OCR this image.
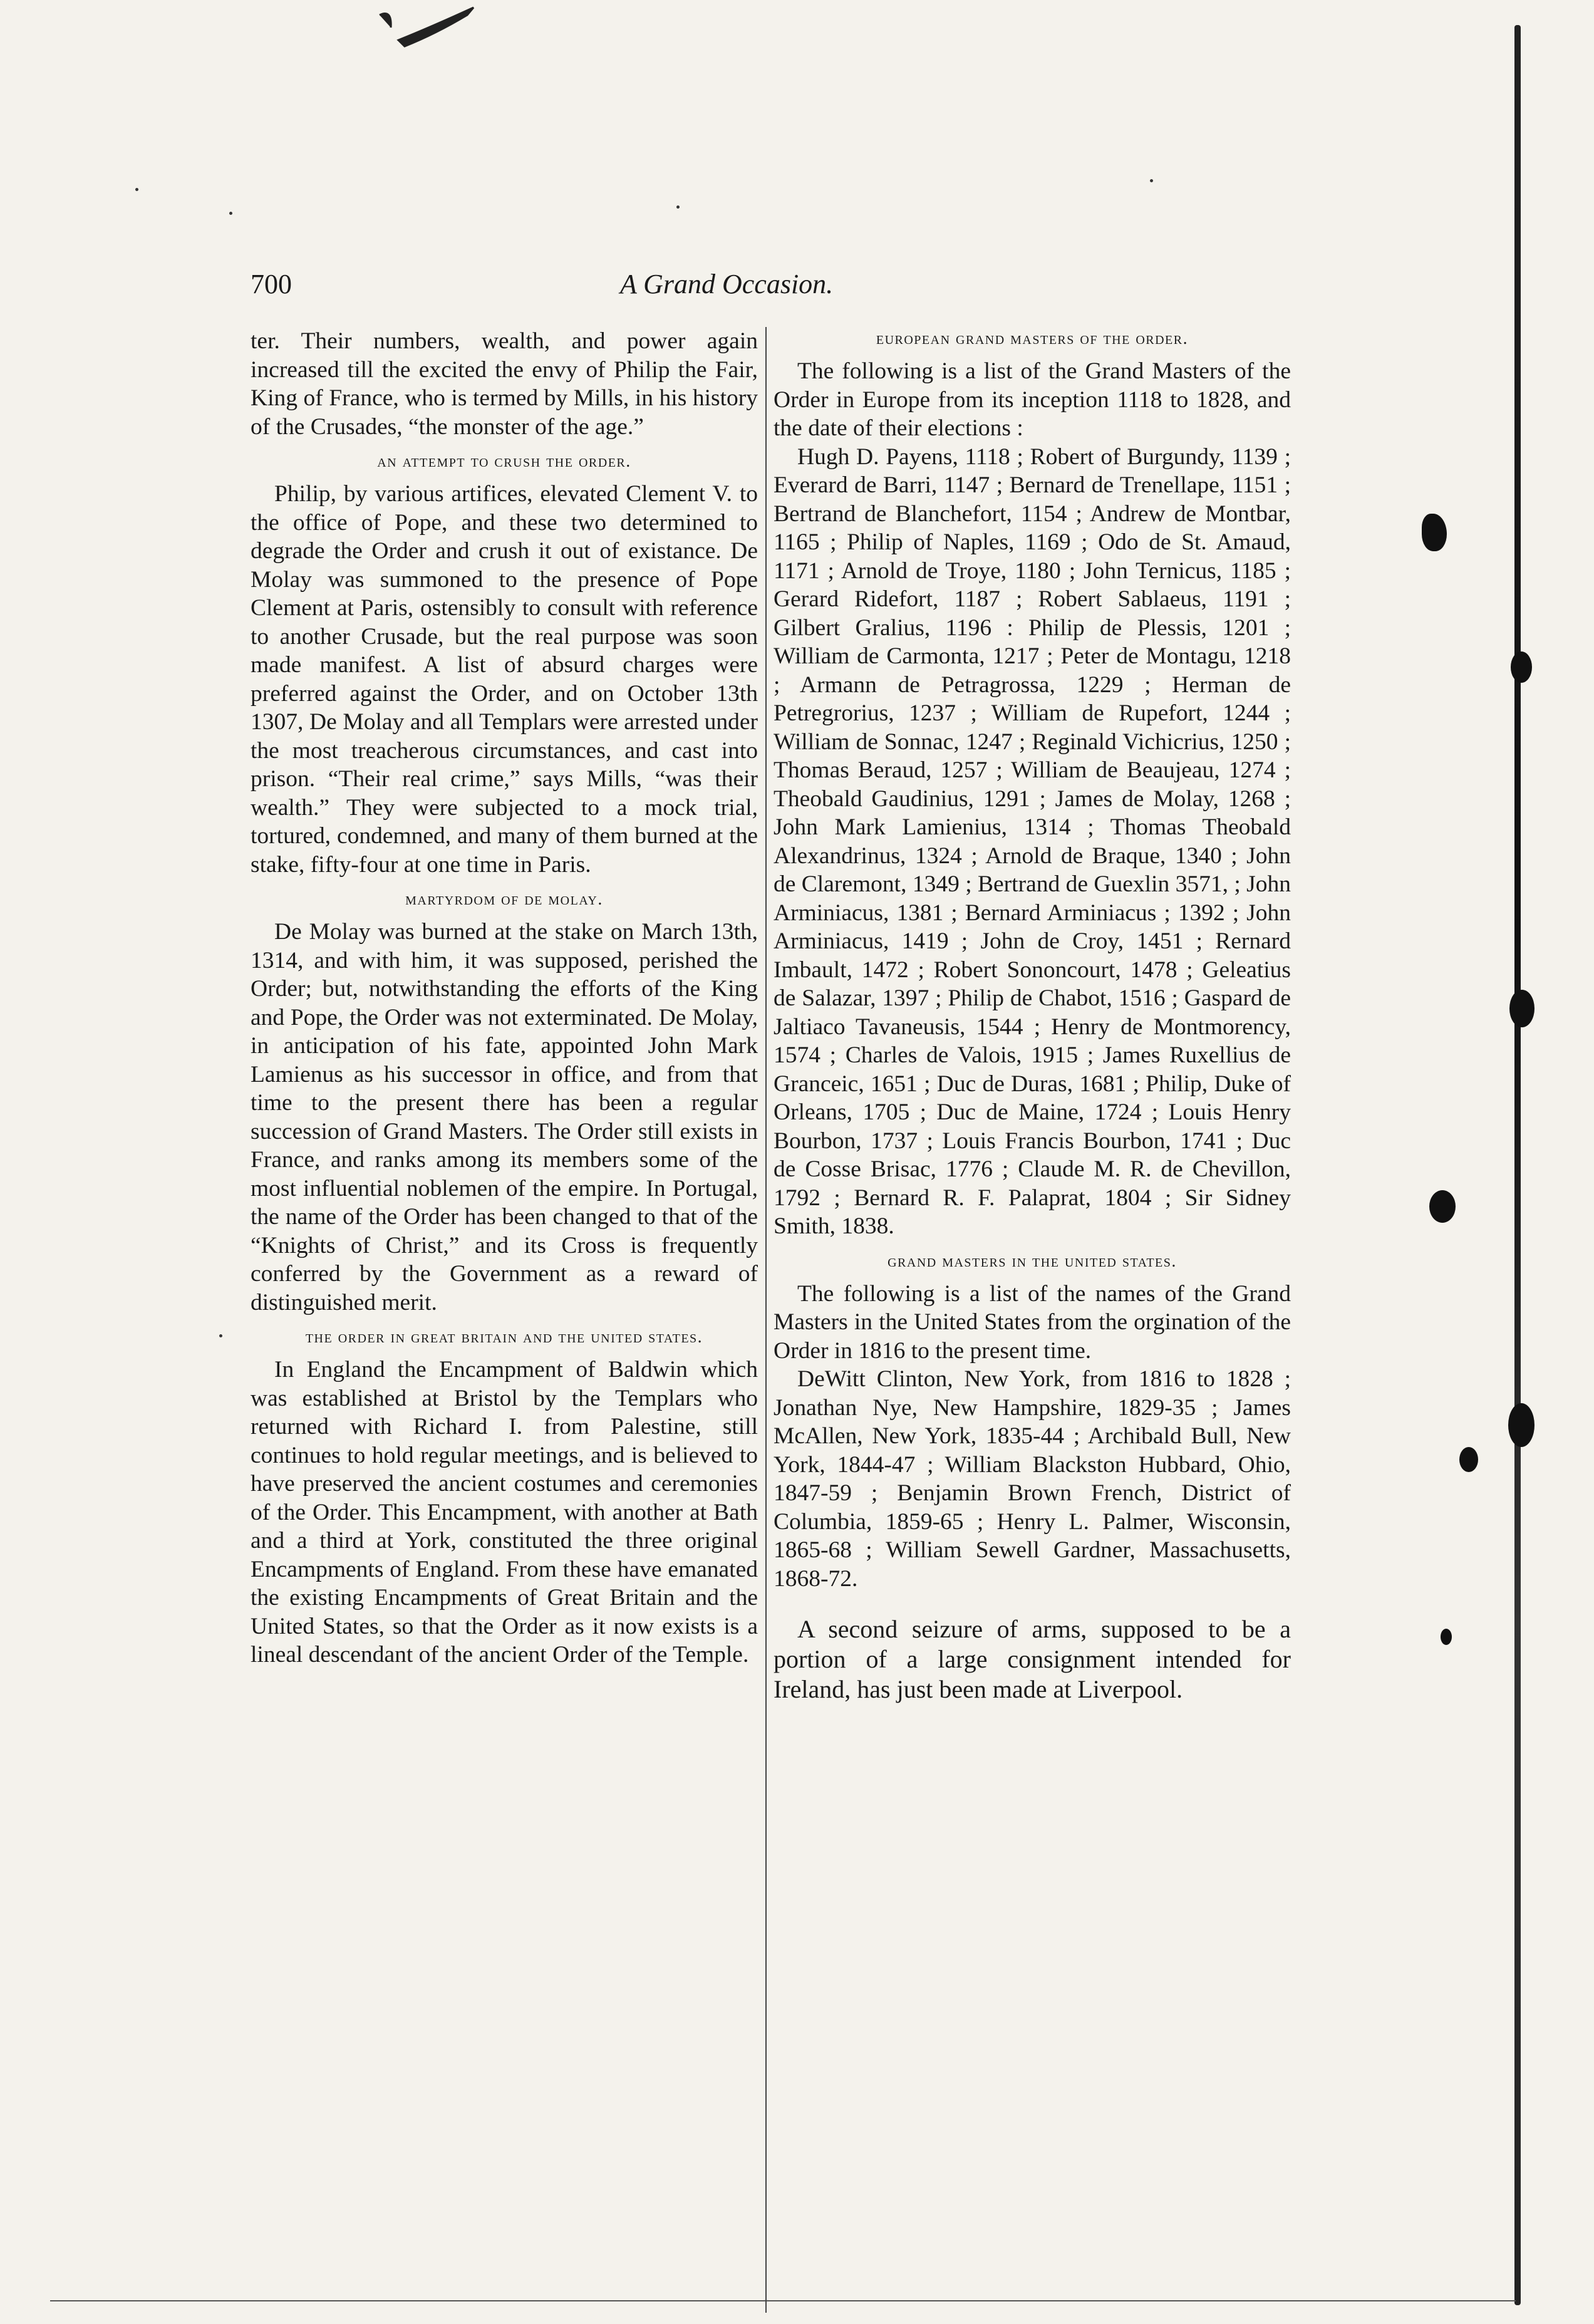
700	A Grand Occasion.

ter. Their numbers, wealth, and power again increased till the excited the envy of Philip the Fair, King of France, who is termed by Mills, in his history of the Crusades, “the monster of the age.”

an attempt to crush the order.

Philip, by various artifices, elevated Clement V. to the office of Pope, and these two determined to degrade the Order and crush it out of existance. De Molay was summoned to the presence of Pope Clement at Paris, ostensibly to consult with reference to another Crusade, but the real purpose was soon made manifest. A list of absurd charges were preferred against the Order, and on October 13th 1307, De Molay and all Templars were arrested under the most treacherous circumstances, and cast into prison. “Their real crime,” says Mills, “was their wealth.” They were subjected to a mock trial, tortured, condemned, and many of them burned at the stake, fifty-four at one time in Paris.

martyrdom of de molay.

De Molay was burned at the stake on March 13th, 1314, and with him, it was supposed, perished the Order; but, notwithstanding the efforts of the King and Pope, the Order was not exterminated. De Molay, in anticipation of his fate, appointed John Mark Lamienus as his successor in office, and from that time to the present there has been a regular succession of Grand Masters. The Order still exists in France, and ranks among its members some of the most influential noblemen of the empire. In Portugal, the name of the Order has been changed to that of the “Knights of Christ,” and its Cross is frequently conferred by the Government as a reward of distinguished merit.

the order in great britain and the united states.

In England the Encampment of Baldwin which was established at Bristol by the Templars who returned with Richard I. from Palestine, still continues to hold regular meetings, and is believed to have preserved the ancient costumes and ceremonies of the Order. This Encampment, with another at Bath and a third at York, constituted the three original Encampments of England. From these have emanated the existing Encampments of Great Britain and the United States, so that the Order as it now exists is a lineal descendant of the ancient Order of the Temple.

european grand masters of the order.

The following is a list of the Grand Masters of the Order in Europe from its inception 1118 to 1828, and the date of their elections :

Hugh D. Payens, 1118 ; Robert of Burgundy, 1139 ; Everard de Barri, 1147 ; Bernard de Trenellape, 1151 ; Bertrand de Blanchefort, 1154 ; Andrew de Montbar, 1165 ; Philip of Naples, 1169 ; Odo de St. Amaud, 1171 ; Arnold de Troye, 1180 ; John Ternicus, 1185 ; Gerard Ridefort, 1187 ; Robert Sablaeus, 1191 ; Gilbert Gralius, 1196 : Philip de Plessis, 1201 ; William de Carmonta, 1217 ; Peter de Montagu, 1218 ; Armann de Petragrossa, 1229 ; Herman de Petregrorius, 1237 ; William de Rupefort, 1244 ; William de Sonnac, 1247 ; Reginald Vichicrius, 1250 ; Thomas Beraud, 1257 ; William de Beaujeau, 1274 ; Theobald Gaudinius, 1291 ; James de Molay, 1268 ; John Mark Lamienius, 1314 ; Thomas Theobald Alexandrinus, 1324 ; Arnold de Braque, 1340 ; John de Claremont, 1349 ; Bertrand de Guexlin 3571, ; John Arminiacus, 1381 ; Bernard Arminiacus ; 1392 ; John Arminiacus, 1419 ; John de Croy, 1451 ; Rernard Imbault, 1472 ; Robert Sononcourt, 1478 ; Geleatius de Salazar, 1397 ; Philip de Chabot, 1516 ; Gaspard de Jaltiaco Tavaneusis, 1544 ; Henry de Montmorency, 1574 ; Charles de Valois, 1915 ; James Ruxellius de Granceic, 1651 ; Duc de Duras, 1681 ; Philip, Duke of Orleans, 1705 ; Duc de Maine, 1724 ; Louis Henry Bourbon, 1737 ; Louis Francis Bourbon, 1741 ; Duc de Cosse Brisac, 1776 ; Claude M. R. de Chevillon, 1792 ; Bernard R. F. Palaprat, 1804 ; Sir Sidney Smith, 1838.

grand masters in the united states.

The following is a list of the names of the Grand Masters in the United States from the orgination of the Order in 1816 to the present time.

DeWitt Clinton, New York, from 1816 to 1828 ; Jonathan Nye, New Hampshire, 1829-35 ; James McAllen, New York, 1835-44 ; Archibald Bull, New York, 1844-47 ; William Blackston Hubbard, Ohio, 1847-59 ; Benjamin Brown French, District of Columbia, 1859-65 ; Henry L. Palmer, Wisconsin, 1865-68 ; William Sewell Gardner, Massachusetts, 1868-72.

A second seizure of arms, supposed to be a portion of a large consignment intended for Ireland, has just been made at Liverpool.
